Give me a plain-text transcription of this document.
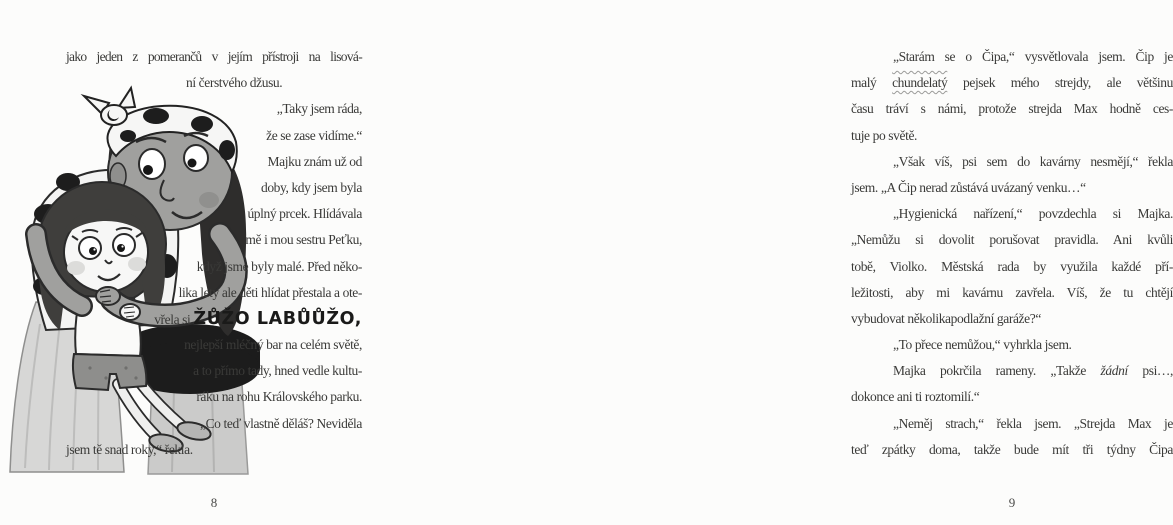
jako jeden z pomerančů v jejím přístroji na lisová-
ní čerstvého džusu.
„Taky jsem ráda,
že se zase vidíme.“
Majku znám už od
doby, kdy jsem byla
úplný prcek. Hlídávala
mě i mou sestru Peťku,
když jsme byly malé. Před něko-
lika lety ale děti hlídat přestala a ote-
vřela si ŽŮŽO LABŮŮŽO,
nejlepší mléčný bar na celém světě,
a to přímo tady, hned vedle kultu-
ráku na rohu Královského parku.
„Co teď vlastně děláš? Neviděla
jsem tě snad roky,“ řekla.
8
„Starám se o Čipa,“ vysvětlovala jsem. Čip je
malý chundelatý pejsek mého strejdy, ale většinu
času tráví s námi, protože strejda Max hodně ces-
tuje po světě.
„Však víš, psi sem do kavárny nesmějí,“ řekla
jsem. „A Čip nerad zůstává uvázaný venku…“
„Hygienická nařízení,“ povzdechla si Majka.
„Nemůžu si dovolit porušovat pravidla. Ani kvůli
tobě, Violko. Městská rada by využila každé pří-
ležitosti, aby mi kavárnu zavřela. Víš, že tu chtějí
vybudovat několikapodlažní garáže?“
„To přece nemůžou,“ vyhrkla jsem.
Majka pokrčila rameny. „Takže žádní psi…,
dokonce ani ti roztomilí.“
„Neměj strach,“ řekla jsem. „Strejda Max je
teď zpátky doma, takže bude mít tři týdny Čipa
9
